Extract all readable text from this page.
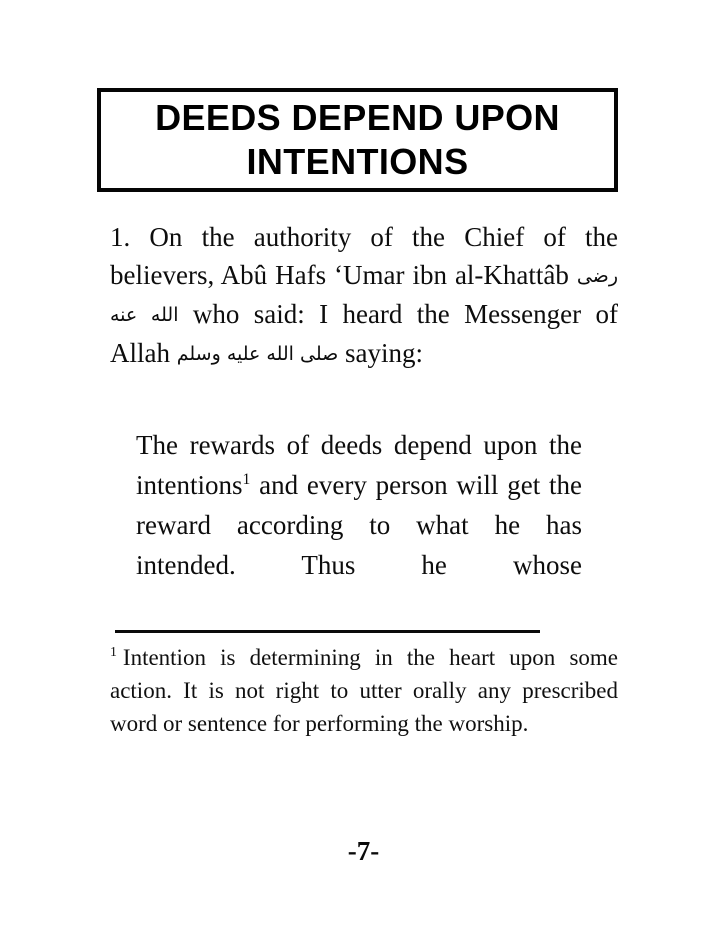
DEEDS DEPEND UPON
INTENTIONS

1. On the authority of the Chief of the believers, Abû Hafs ‘Umar ibn al-Khattâb رضى الله عنه who said: I heard the Messenger of Allah صلى الله عليه وسلم saying:

The rewards of deeds depend upon the intentions$^1$ and every person will get the reward according to what he has intended. Thus he whose

$^1$ Intention is determining in the heart upon some action. It is not right to utter orally any prescribed word or sentence for performing the worship.

-7-
